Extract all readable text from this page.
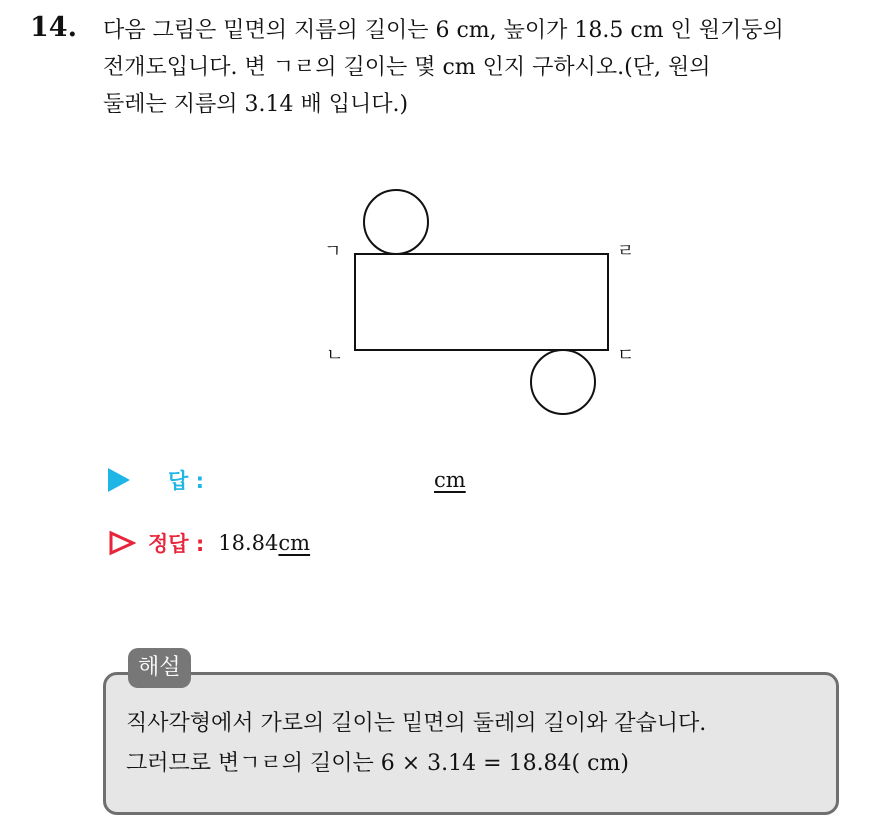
14. 다음 그림은 밑면의 지름의 길이는 6 cm, 높이가 18.5 cm 인 원기둥의
전개도입니다. 변 ㄱㄹ의 길이는 몇 cm 인지 구하시오.(단, 원의
둘레는 지름의 3.14 배 입니다.)
ㄱ	ㄹ
ㄴ	ㄷ
답 :	cm
정답 : 18.84 cm
해설
직사각형에서 가로의 길이는 밑면의 둘레의 길이와 같습니다.
그러므로 변ㄱㄹ의 길이는 6 × 3.14 = 18.84( cm)
